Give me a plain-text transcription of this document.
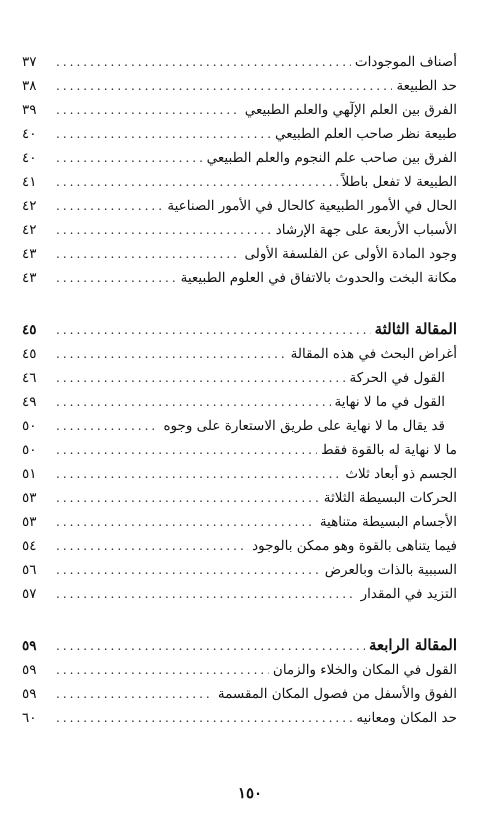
أصناف الموجودات
.....
٣٧
حد الطبيعة
.....
٣٨
الفرق بين العلم الإلٓهي والعلم الطبيعي
.....
٣٩
طبيعة نظر صاحب العلم الطبيعي
.....
٤٠
الفرق بين صاحب علم النجوم والعلم الطبيعي
.....
٤٠
الطبيعة لا تفعل باطلاً
.....
٤١
الحال في الأمور الطبيعية كالحال في الأمور الصناعية
.....
٤٢
الأسباب الأربعة على جهة الإرشاد
.....
٤٢
وجود المادة الأولى عن الفلسفة الأولى
.....
٤٣
مكانة البخت والحدوث بالاتفاق في العلوم الطبيعية
.....
٤٣
المقالة الثالثة
.....
٤٥
أغراض البحث في هذه المقالة
.....
٤٥
القول في الحركة
.....
٤٦
القول في ما لا نهاية
.....
٤٩
قد يقال ما لا نهاية على طريق الاستعارة على وجوه
.....
٥٠
ما لا نهاية له بالقوة فقط
.....
٥٠
الجسم ذو أبعاد ثلاث
.....
٥١
الحركات البسيطة الثلاثة
.....
٥٣
الأجسام البسيطة متناهية
.....
٥٣
فيما يتناهى بالقوة وهو ممكن بالوجود
.....
٥٤
السببية بالذات وبالعرض
.....
٥٦
التزيد في المقدار
.....
٥٧
المقالة الرابعة
.....
٥٩
القول في المكان والخلاء والزمان
.....
٥٩
الفوق والأسفل من فصول المكان المقسمة
.....
٥٩
حد المكان ومعانيه
.....
٦٠
١٥٠
